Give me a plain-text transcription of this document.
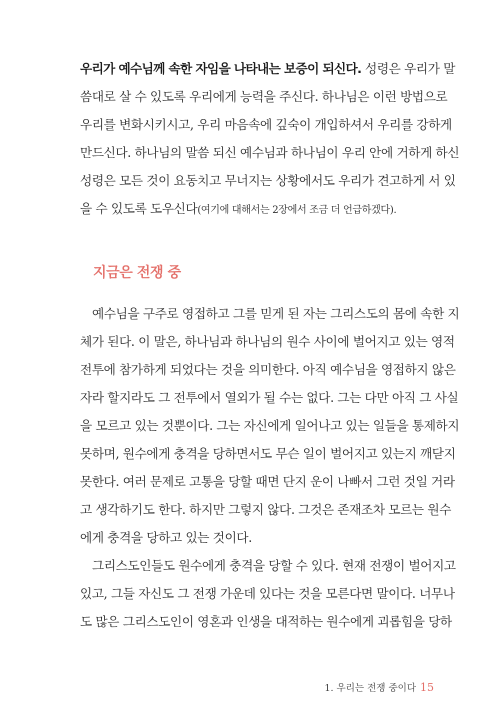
우리가 예수님께 속한 자임을 나타내는 보증이 되신다. 성령은 우리가 말
씀대로 살 수 있도록 우리에게 능력을 주신다. 하나님은 이런 방법으로
우리를 변화시키시고, 우리 마음속에 깊숙이 개입하셔서 우리를 강하게
만드신다. 하나님의 말씀 되신 예수님과 하나님이 우리 안에 거하게 하신
성령은 모든 것이 요동치고 무너지는 상황에서도 우리가 견고하게 서 있
을 수 있도록 도우신다(여기에 대해서는 2장에서 조금 더 언급하겠다).
지금은 전쟁 중
예수님을 구주로 영접하고 그를 믿게 된 자는 그리스도의 몸에 속한 지
체가 된다. 이 말은, 하나님과 하나님의 원수 사이에 벌어지고 있는 영적
전투에 참가하게 되었다는 것을 의미한다. 아직 예수님을 영접하지 않은
자라 할지라도 그 전투에서 열외가 될 수는 없다. 그는 다만 아직 그 사실
을 모르고 있는 것뿐이다. 그는 자신에게 일어나고 있는 일들을 통제하지
못하며, 원수에게 충격을 당하면서도 무슨 일이 벌어지고 있는지 깨닫지
못한다. 여러 문제로 고통을 당할 때면 단지 운이 나빠서 그런 것일 거라
고 생각하기도 한다. 하지만 그렇지 않다. 그것은 존재조차 모르는 원수
에게 충격을 당하고 있는 것이다.
그리스도인들도 원수에게 충격을 당할 수 있다. 현재 전쟁이 벌어지고
있고, 그들 자신도 그 전쟁 가운데 있다는 것을 모른다면 말이다. 너무나
도 많은 그리스도인이 영혼과 인생을 대적하는 원수에게 괴롭힘을 당하
1. 우리는 전쟁 중이다 15
